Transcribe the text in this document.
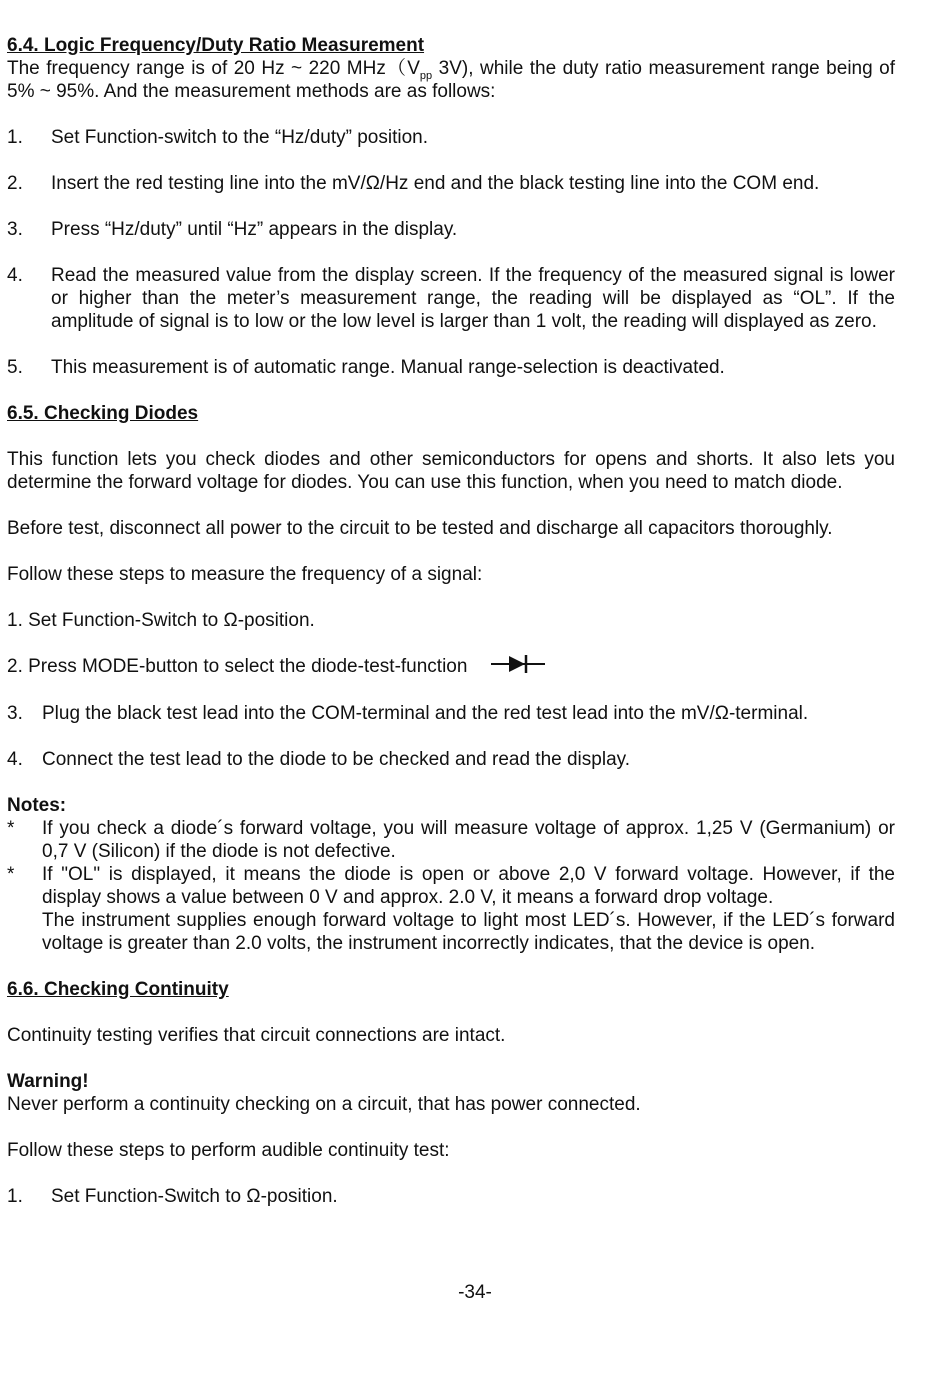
6.4. Logic Frequency/Duty Ratio Measurement

The frequency range is of 20 Hz ~ 220 $MHz(V_{pp}$ 3V), while the duty ratio measurement range being of 5% ~ 95%. And the measurement methods are as follows:

1.	Set Function-switch to the “Hz/duty” position.
2.	Insert the red testing line into the mV/Ω/Hz end and the black testing line into the COM end.
3.	Press “Hz/duty” until “Hz” appears in the display.
4.	Read the measured value from the display screen. If the frequency of the measured signal is lower or higher than the meter’s measurement range, the reading will be displayed as “OL”. If the amplitude of signal is to low or the low level is larger than 1 volt, the reading will displayed as zero.
5.	This measurement is of automatic range. Manual range-selection is deactivated.

6.5. Checking Diodes

This function lets you check diodes and other semiconductors for opens and shorts. It also lets you determine the forward voltage for diodes. You can use this function, when you need to match diode.

Before test, disconnect all power to the circuit to be tested and discharge all capacitors thoroughly.

Follow these steps to measure the frequency of a signal:

1. Set Function-Switch to Ω-position.

2. Press MODE-button to select the diode-test-function

3.	Plug the black test lead into the COM-terminal and the red test lead into the mV/Ω-terminal.
4.	Connect the test lead to the diode to be checked and read the display.

Notes:

*	If you check a diode´s forward voltage, you will measure voltage of approx. 1,25 V (Germanium) or 0,7 V (Silicon) if the diode is not defective.
*	If "OL" is displayed, it means the diode is open or above 2,0 V forward voltage. However, if the display shows a value between 0 V and approx. 2.0 V, it means a forward drop voltage.
The instrument supplies enough forward voltage to light most LED´s. However, if the LED´s forward voltage is greater than 2.0 volts, the instrument incorrectly indicates, that the device is open.

6.6. Checking Continuity

Continuity testing verifies that circuit connections are intact.

Warning!

Never perform a continuity checking on a circuit, that has power connected.

Follow these steps to perform audible continuity test:

1.	Set Function-Switch to Ω-position.
-34-
